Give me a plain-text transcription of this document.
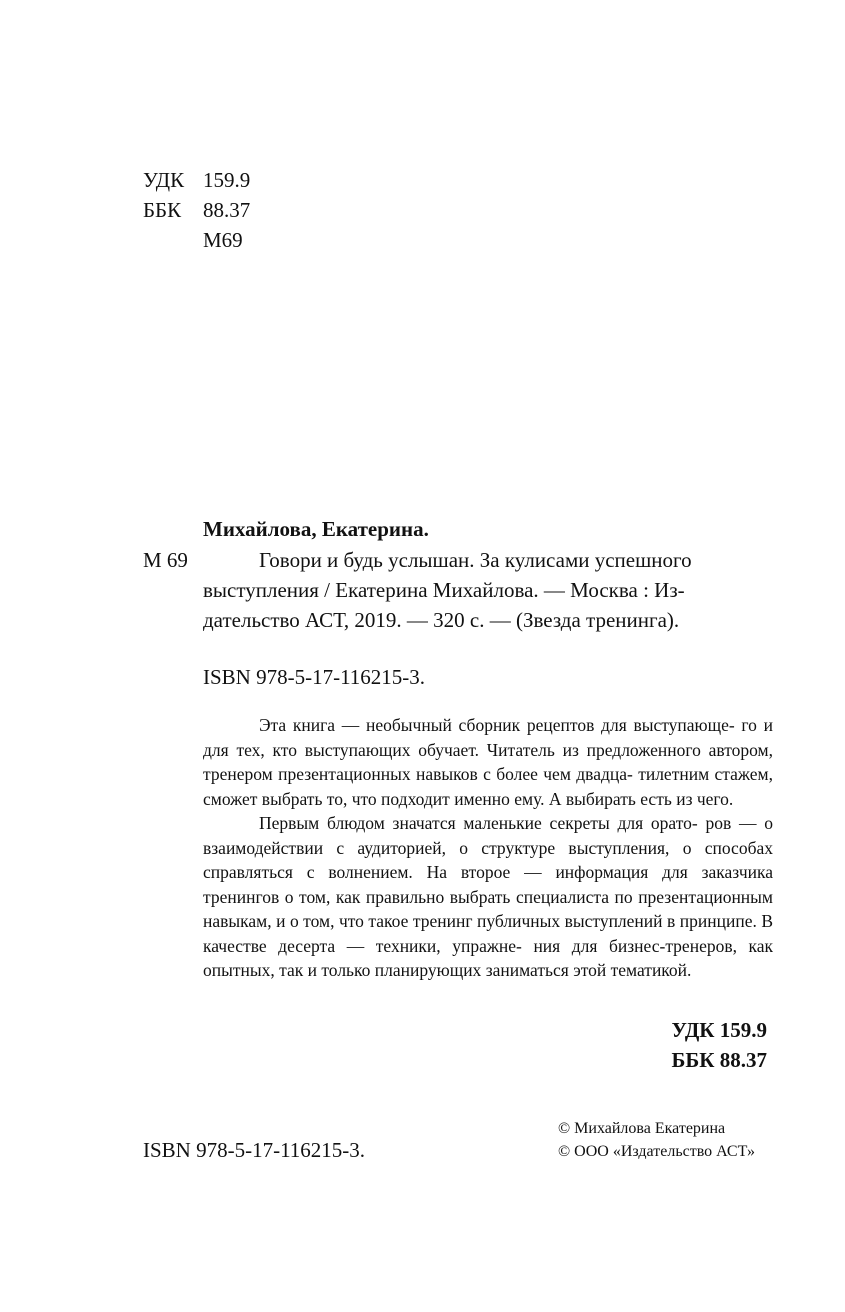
УДК 159.9
ББК 88.37
М69
Михайлова, Екатерина.
М 69	Говори и будь услышан. За кулисами успешного

выступления / Екатерина Михайлова. — Москва : Из-

дательство АСТ, 2019. — 320 с. — (Звезда тренинга).

ISBN 978-5-17-116215-3.

Эта книга — необычный сборник рецептов для выступающе- го и для тех, кто выступающих обучает. Читатель из предложенного автором, тренером презентационных навыков с более чем двадца- тилетним стажем, сможет выбрать то, что подходит именно ему. А выбирать есть из чего.

Первым блюдом значатся маленькие секреты для орато- ров — о взаимодействии с аудиторией, о структуре выступления, о способах справляться с волнением. На второе — информация для заказчика тренингов о том, как правильно выбрать специалиста по презентационным навыкам, и о том, что такое тренинг публичных выступлений в принципе. В качестве десерта — техники, упражне- ния для бизнес-тренеров, как опытных, так и только планирующих заниматься этой тематикой.

УДК 159.9
ББК 88.37
ISBN 978-5-17-116215-3.
© Михайлова Екатерина
© ООО «Издательство АСТ»
